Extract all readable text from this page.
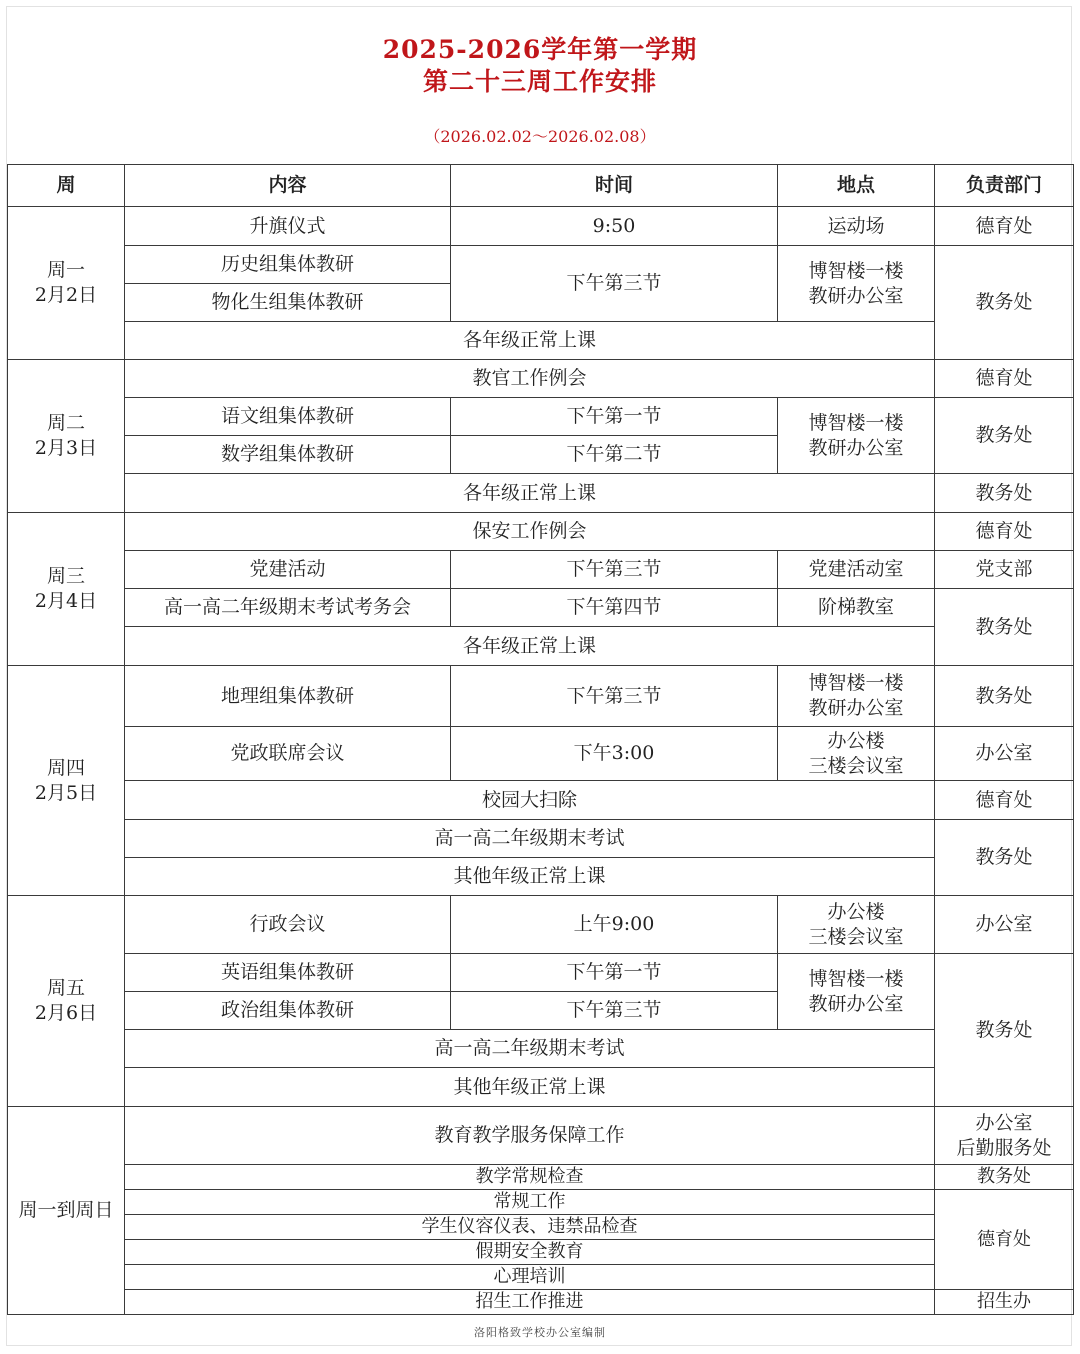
2025-2026学年第一学期
第二十三周工作安排
（2026.02.02～2026.02.08）
周	内容	时间	地点	负责部门
周一
2月2日	升旗仪式	9:50	运动场	德育处
	历史组集体教研	下午第三节	博智楼一楼
教研办公室	教务处
	物化生组集体教研			
	各年级正常上课			
周二
2月3日	教官工作例会			德育处
	语文组集体教研	下午第一节	博智楼一楼
教研办公室	教务处
	数学组集体教研	下午第二节		
	各年级正常上课			教务处
周三
2月4日	保安工作例会			德育处
	党建活动	下午第三节	党建活动室	党支部
	高一高二年级期末考试考务会	下午第四节	阶梯教室	教务处
	各年级正常上课			
周四
2月5日	地理组集体教研	下午第三节	博智楼一楼
教研办公室	教务处
	党政联席会议	下午3:00	办公楼
三楼会议室	办公室
	校园大扫除			德育处
	高一高二年级期末考试			教务处
	其他年级正常上课			
周五
2月6日	行政会议	上午9:00	办公楼
三楼会议室	办公室
	英语组集体教研	下午第一节	博智楼一楼
教研办公室	教务处
	政治组集体教研	下午第三节		
	高一高二年级期末考试			
	其他年级正常上课			
周一到周日	教育教学服务保障工作			办公室
后勤服务处
	教学常规检查			教务处
	常规工作			德育处
	学生仪容仪表、违禁品检查			
	假期安全教育			
	心理培训			
	招生工作推进			招生办
洛阳格致学校办公室编制
